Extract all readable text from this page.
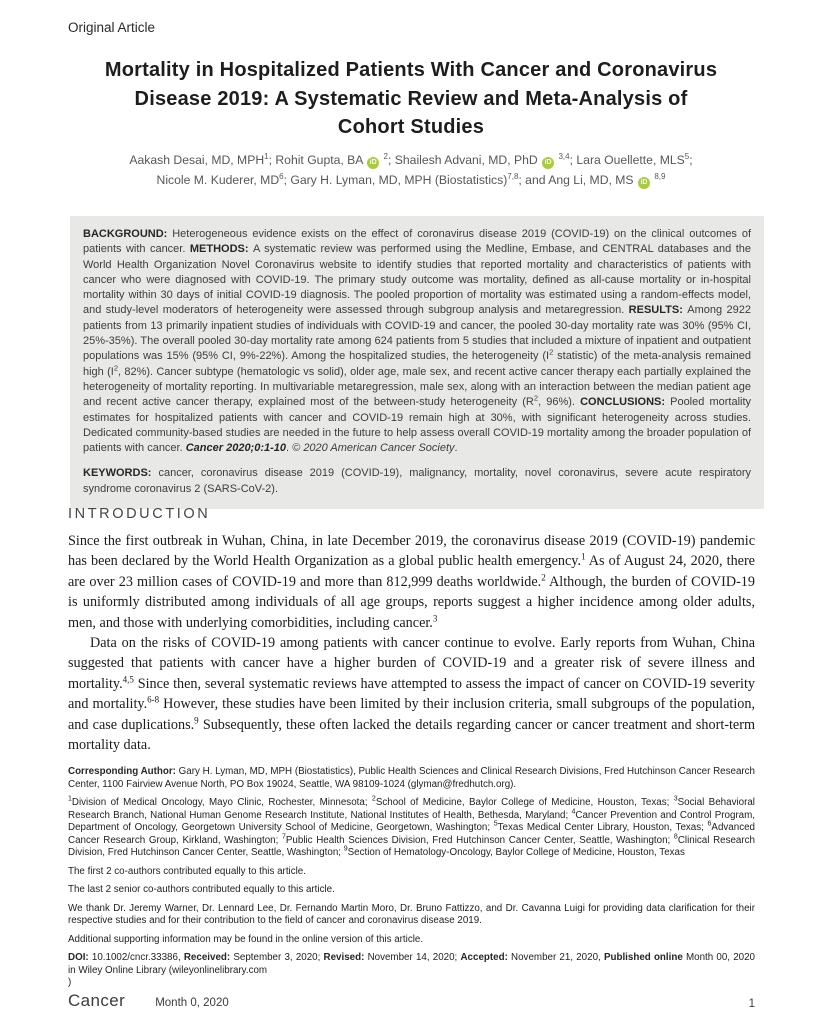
Original Article
Mortality in Hospitalized Patients With Cancer and Coronavirus
Disease 2019: A Systematic Review and Meta-Analysis of
Cohort Studies
Aakash Desai, MD, MPH$^1$; Rohit Gupta, BA iD $^2$; Shailesh Advani, MD, PhD iD $^{3,4}$; Lara Ouellette, MLS$^5$;
Nicole M. Kuderer, $MD^6$; Gary H. Lyman, MD, MPH (Biostatistics)$^{7,8}$; and Ang Li, MD, MS iD $^{8,9}$

BACKGROUND: Heterogeneous evidence exists on the effect of coronavirus disease 2019 (COVID-19) on the clinical outcomes of patients with cancer. METHODS: A systematic review was performed using the Medline, Embase, and CENTRAL databases and the World Health Organization Novel Coronavirus website to identify studies that reported mortality and characteristics of patients with cancer who were diagnosed with COVID-19. The primary study outcome was mortality, defined as all-cause mortality or in-hospital mortality within 30 days of initial COVID-19 diagnosis. The pooled proportion of mortality was estimated using a random-effects model, and study-level moderators of heterogeneity were assessed through subgroup analysis and metaregression. RESULTS: Among 2922 patients from 13 primarily inpatient studies of individuals with COVID-19 and cancer, the pooled 30-day mortality rate was 30% (95% CI, 25%-35%). The overall pooled 30-day mortality rate among 624 patients from 5 studies that included a mixture of inpatient and outpatient populations was 15% (95% CI, 9%-22%). Among the hospitalized studies, the heterogeneity ($I^2$ statistic) of the meta-analysis remained high ($I^2$, 82%). Cancer subtype (hematologic vs solid), older age, male sex, and recent active cancer therapy each partially explained the heterogeneity of mortality reporting. In multivariable metaregression, male sex, along with an interaction between the median patient age and recent active cancer therapy, explained most of the between-study heterogeneity ($R^2$, 96%). CONCLUSIONS: Pooled mortality estimates for hospitalized patients with cancer and COVID-19 remain high at 30%, with significant heterogeneity across studies. Dedicated community-based studies are needed in the future to help assess overall COVID-19 mortality among the broader population of patients with cancer. Cancer 2020;0:1-10. © 2020 American Cancer Society.

KEYWORDS: cancer, coronavirus disease 2019 (COVID-19), malignancy, mortality, novel coronavirus, severe acute respiratory syndrome coronavirus 2 (SARS-CoV-2).

INTRODUCTION

Since the first outbreak in Wuhan, China, in late December 2019, the coronavirus disease 2019 (COVID-19) pandemic has been declared by the World Health Organization as a global public health emergency.$^1$ As of August 24, 2020, there are over 23 million cases of COVID-19 and more than 812,999 deaths worldwide.$^2$ Although, the burden of COVID-19 is uniformly distributed among individuals of all age groups, reports suggest a higher incidence among older adults, men, and those with underlying comorbidities, including cancer.$^3$

Data on the risks of COVID-19 among patients with cancer continue to evolve. Early reports from Wuhan, China suggested that patients with cancer have a higher burden of COVID-19 and a greater risk of severe illness and mortality.$^{4,5}$ Since then, several systematic reviews have attempted to assess the impact of cancer on COVID-19 severity and mortality.$^{6-8}$ However, these studies have been limited by their inclusion criteria, small subgroups of the population, and case duplications.$^9$ Subsequently, these often lacked the details regarding cancer or cancer treatment and short-term mortality data.

Corresponding Author: Gary H. Lyman, MD, MPH (Biostatistics), Public Health Sciences and Clinical Research Divisions, Fred Hutchinson Cancer Research Center, 1100 Fairview Avenue North, PO Box 19024, Seattle, WA 98109-1024 (glyman@fredhutch.org).

$^1$Division of Medical Oncology, Mayo Clinic, Rochester, Minnesota; $^2$School of Medicine, Baylor College of Medicine, Houston, Texas; $^3$Social Behavioral Research Branch, National Human Genome Research Institute, National Institutes of Health, Bethesda, Maryland; $^4$Cancer Prevention and Control Program, Department of Oncology, Georgetown University School of Medicine, Georgetown, Washington; $^5$Texas Medical Center Library, Houston, Texas; $^6$Advanced Cancer Research Group, Kirkland, Washington; $^7$Public Health Sciences Division, Fred Hutchinson Cancer Center, Seattle, Washington; $^8$Clinical Research Division, Fred Hutchinson Cancer Center, Seattle, Washington; $^9$Section of Hematology-Oncology, Baylor College of Medicine, Houston, Texas

The first 2 co-authors contributed equally to this article.

The last 2 senior co-authors contributed equally to this article.

We thank Dr. Jeremy Warner, Dr. Lennard Lee, Dr. Fernando Martin Moro, Dr. Bruno Fattizzo, and Dr. Cavanna Luigi for providing data clarification for their respective studies and for their contribution to the field of cancer and coronavirus disease 2019.

Additional supporting information may be found in the online version of this article.

DOI: 10.1002/cncr.33386, Received: September 3, 2020; Revised: November 14, 2020; Accepted: November 21, 2020, Published online Month 00, 2020 in Wiley Online Library (wileyonlinelibrary.com
)

Cancer	Month 0, 2020	1
